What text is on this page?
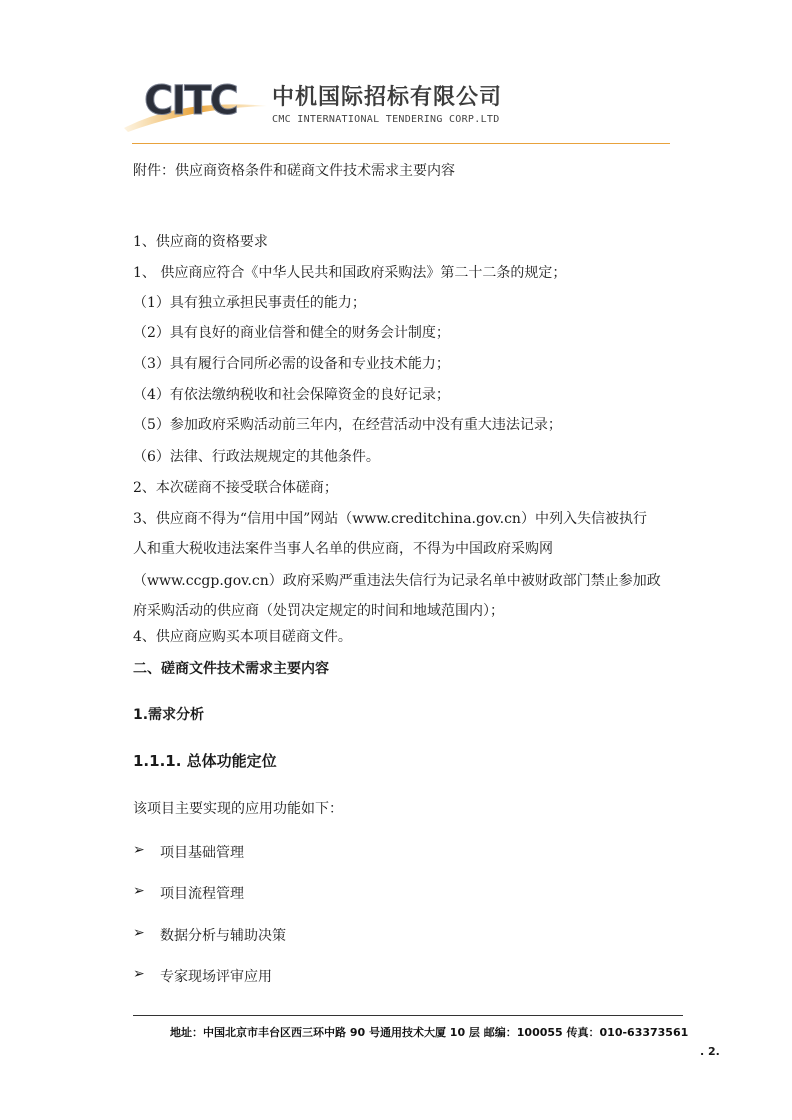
CITC 中机国际招标有限公司
CMC INTERNATIONAL TENDERING CORP.LTD
附件：供应商资格条件和磋商文件技术需求主要内容
1、供应商的资格要求
1、 供应商应符合《中华人民共和国政府采购法》第二十二条的规定；
（1）具有独立承担民事责任的能力；
（2）具有良好的商业信誉和健全的财务会计制度；
（3）具有履行合同所必需的设备和专业技术能力；
（4）有依法缴纳税收和社会保障资金的良好记录；
（5）参加政府采购活动前三年内，在经营活动中没有重大违法记录；
（6）法律、行政法规规定的其他条件。
2、本次磋商不接受联合体磋商；
3、供应商不得为“信用中国”网站（www.creditchina.gov.cn）中列入失信被执行
人和重大税收违法案件当事人名单的供应商，不得为中国政府采购网
（www.ccgp.gov.cn）政府采购严重违法失信行为记录名单中被财政部门禁止参加政
府采购活动的供应商（处罚决定规定的时间和地域范围内）；
4、供应商应购买本项目磋商文件。
二、磋商文件技术需求主要内容
1.需求分析
1.1.1. 总体功能定位
该项目主要实现的应用功能如下：
➢ 项目基础管理
➢ 项目流程管理
➢ 数据分析与辅助决策
➢ 专家现场评审应用
地址：中国北京市丰台区西三环中路 90 号通用技术大厦 10 层 邮编：100055 传真：010-63373561
. 2.
